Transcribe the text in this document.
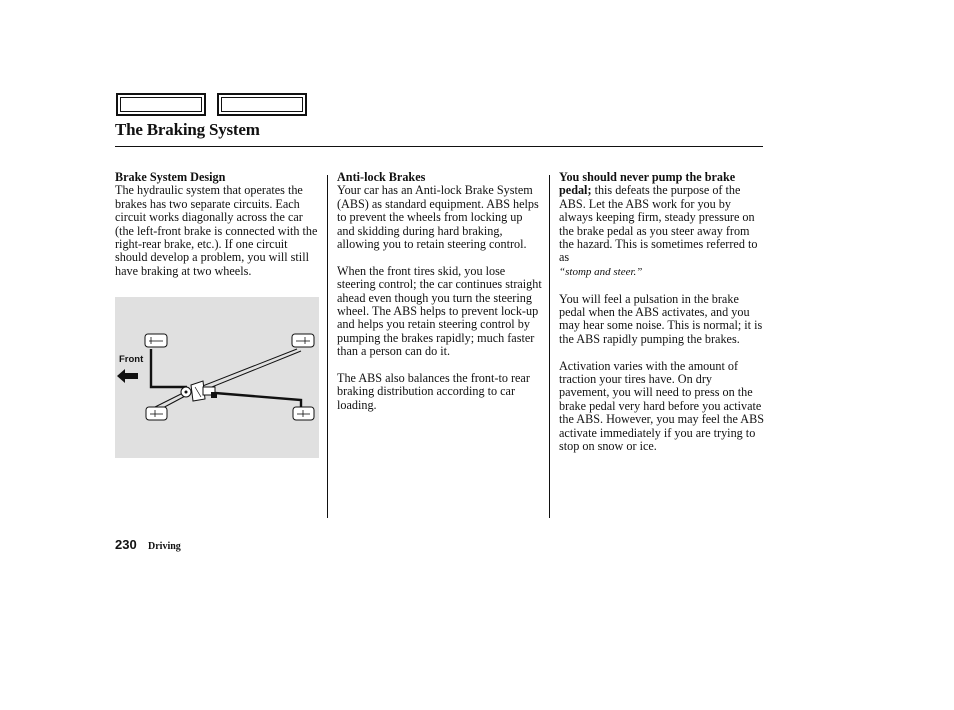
The Braking System

Brake System Design
The hydraulic system that operates the brakes has two separate circuits. Each circuit works diagonally across the car (the left-front brake is connected with the right-rear brake, etc.). If one circuit should develop a problem, you will still have braking at two wheels.

Front

Anti-lock Brakes
Your car has an Anti-lock Brake System (ABS) as standard equipment. ABS helps to prevent the wheels from locking up and skidding during hard braking, allowing you to retain steering control.

When the front tires skid, you lose steering control; the car continues straight ahead even though you turn the steering wheel. The ABS helps to prevent lock-up and helps you retain steering control by pumping the brakes rapidly; much faster than a person can do it.

The ABS also balances the front-to rear braking distribution according to car loading.

You should never pump the brake pedal; this defeats the purpose of the ABS. Let the ABS work for you by always keeping firm, steady pressure on the brake pedal as you steer away from the hazard. This is sometimes referred to as
“stomp and steer.”

You will feel a pulsation in the brake pedal when the ABS activates, and you may hear some noise. This is normal; it is the ABS rapidly pumping the brakes.

Activation varies with the amount of traction your tires have. On dry pavement, you will need to press on the brake pedal very hard before you activate the ABS. However, you may feel the ABS activate immediately if you are trying to stop on snow or ice.

230 Driving
